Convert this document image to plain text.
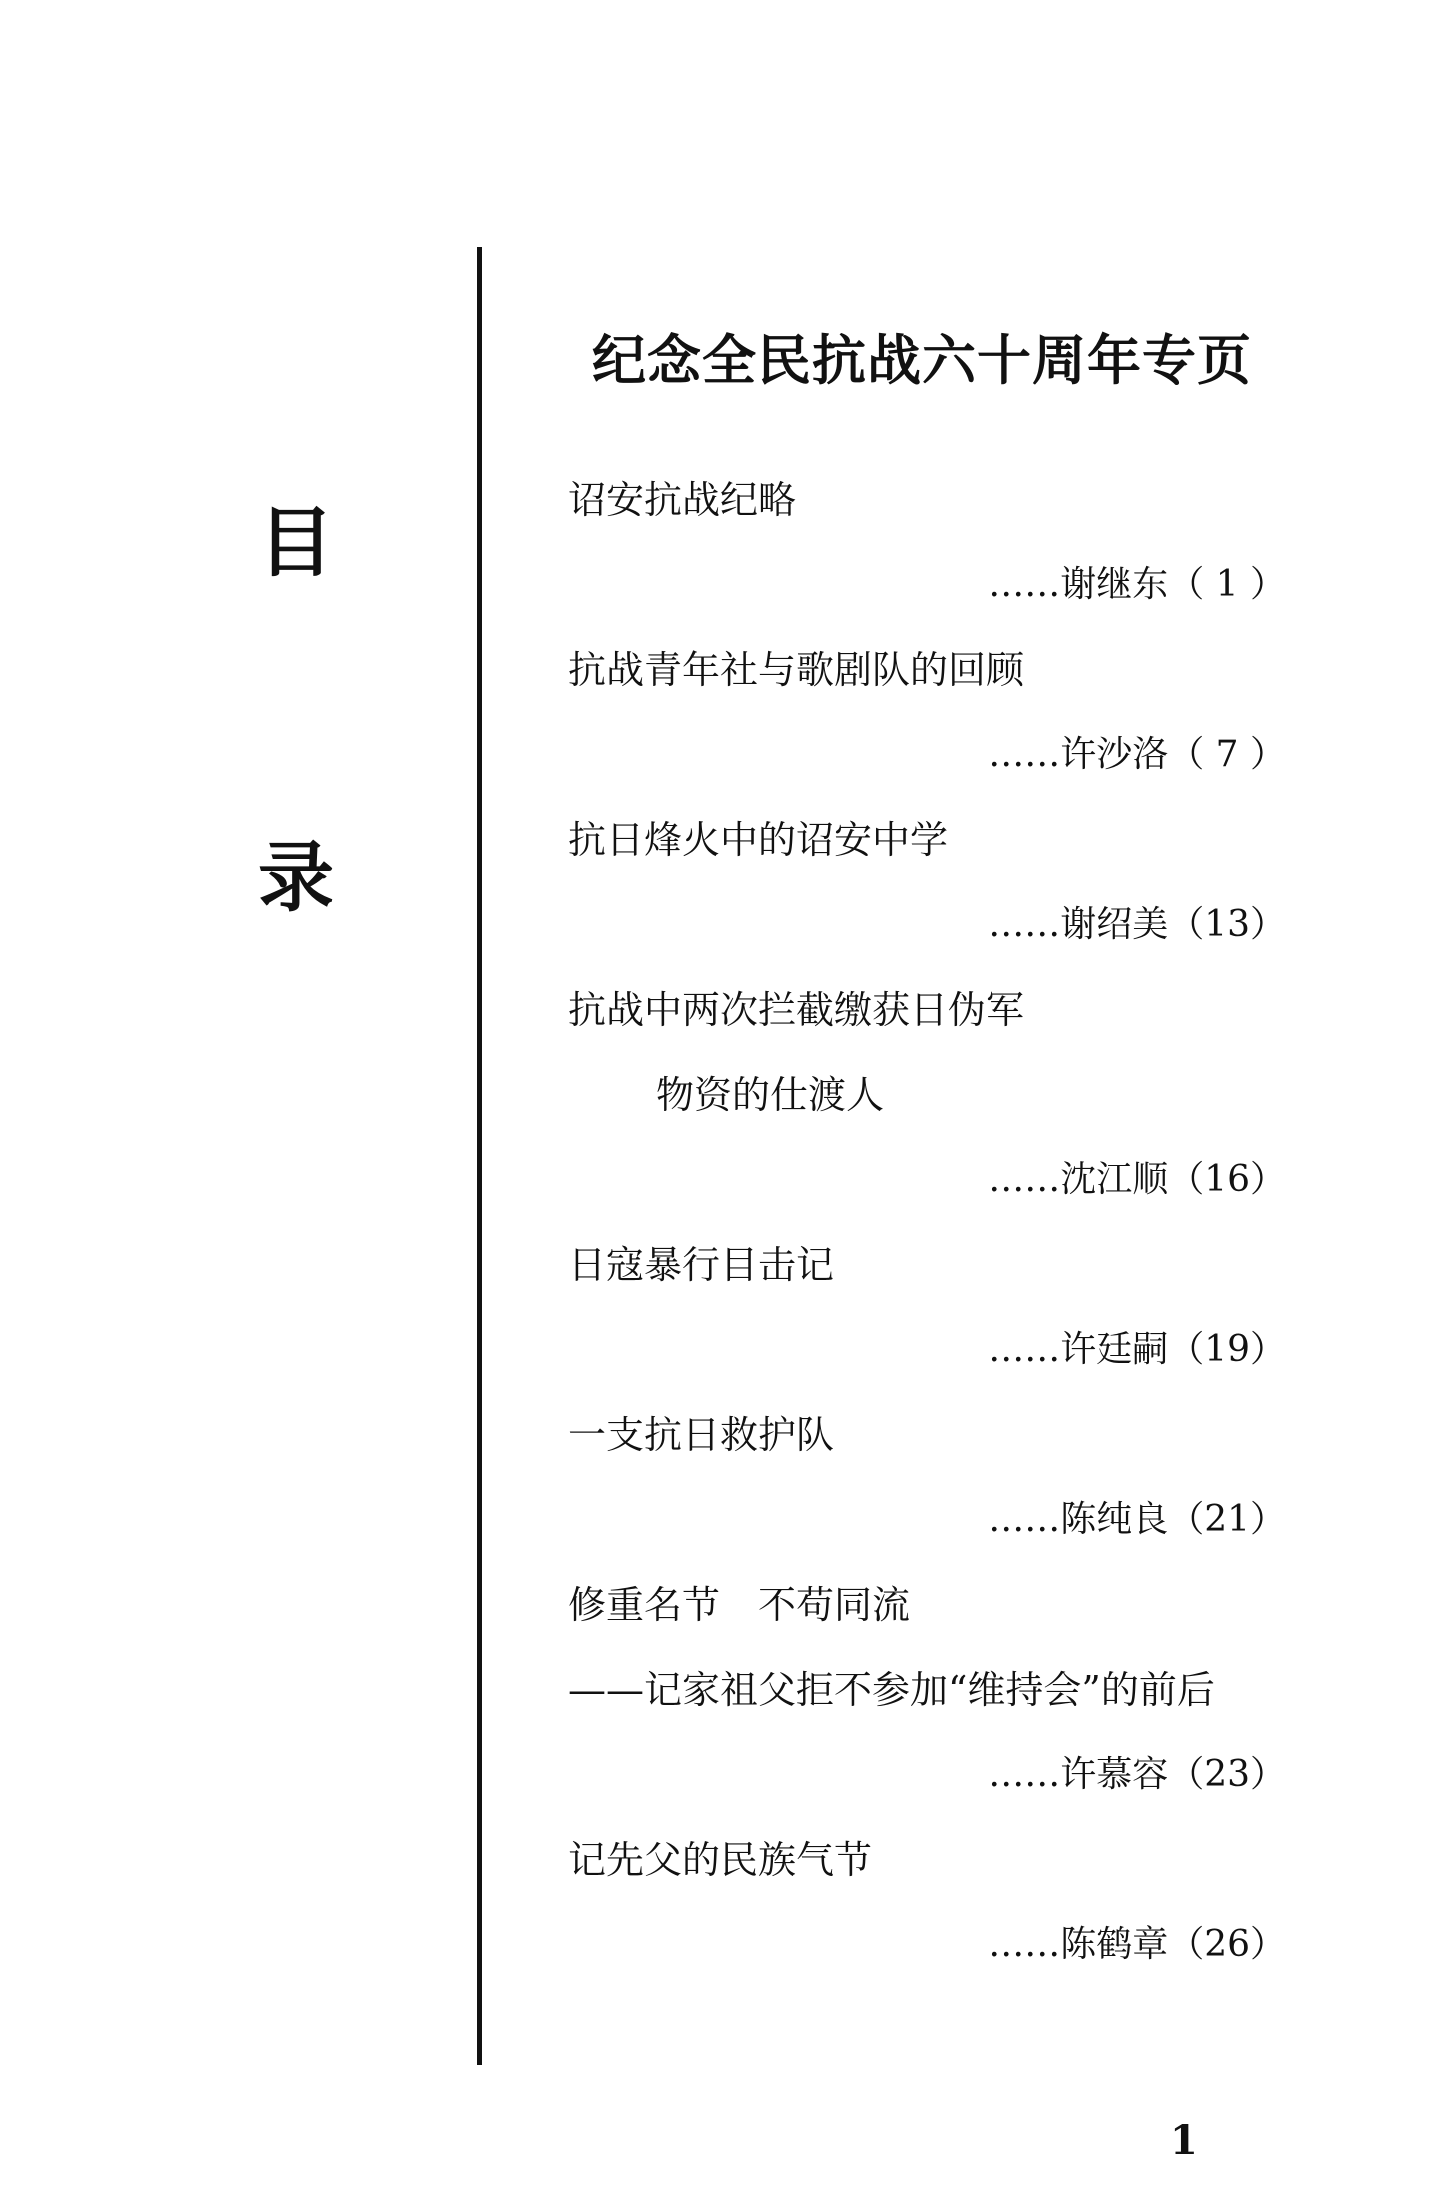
目
录
纪念全民抗战六十周年专页
诏安抗战纪略
……谢继东（ 1 ）
抗战青年社与歌剧队的回顾
……许沙洛（ 7 ）
抗日烽火中的诏安中学
……谢绍美（13）
抗战中两次拦截缴获日伪军
物资的仕渡人
……沈江顺（16）
日寇暴行目击记
……许廷嗣（19）
一支抗日救护队
……陈纯良（21）
修重名节　不苟同流
——记家祖父拒不参加“维持会”的前后
……许慕容（23）
记先父的民族气节
……陈鹤章（26）
1
